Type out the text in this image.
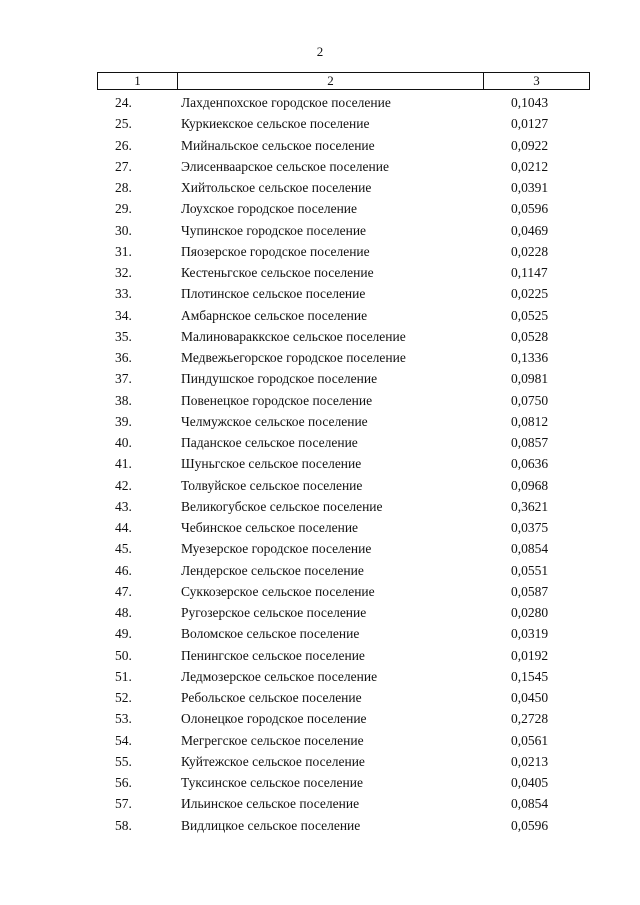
2
1	2	3
24.	Лахденпохское городское поселение	0,1043
25.	Куркиекское сельское поселение	0,0127
26.	Мийнальское сельское поселение	0,0922
27.	Элисенваарское сельское поселение	0,0212
28.	Хийтольское сельское поселение	0,0391
29.	Лоухское городское поселение	0,0596
30.	Чупинское городское поселение	0,0469
31.	Пяозерское городское поселение	0,0228
32.	Кестеньгское сельское поселение	0,1147
33.	Плотинское сельское поселение	0,0225
34.	Амбарнское сельское поселение	0,0525
35.	Малиновараккское сельское поселение	0,0528
36.	Медвежьегорское городское поселение	0,1336
37.	Пиндушское городское поселение	0,0981
38.	Повенецкое городское поселение	0,0750
39.	Челмужское сельское поселение	0,0812
40.	Паданское сельское поселение	0,0857
41.	Шуньгское сельское поселение	0,0636
42.	Толвуйское сельское поселение	0,0968
43.	Великогубское сельское поселение	0,3621
44.	Чебинское сельское поселение	0,0375
45.	Муезерское городское поселение	0,0854
46.	Лендерское сельское поселение	0,0551
47.	Суккозерское сельское поселение	0,0587
48.	Ругозерское сельское поселение	0,0280
49.	Воломское сельское поселение	0,0319
50.	Пенингское сельское поселение	0,0192
51.	Ледмозерское сельское поселение	0,1545
52.	Ребольское сельское поселение	0,0450
53.	Олонецкое городское поселение	0,2728
54.	Мегрегское сельское поселение	0,0561
55.	Куйтежское сельское поселение	0,0213
56.	Туксинское сельское поселение	0,0405
57.	Ильинское сельское поселение	0,0854
58.	Видлицкое сельское поселение	0,0596
